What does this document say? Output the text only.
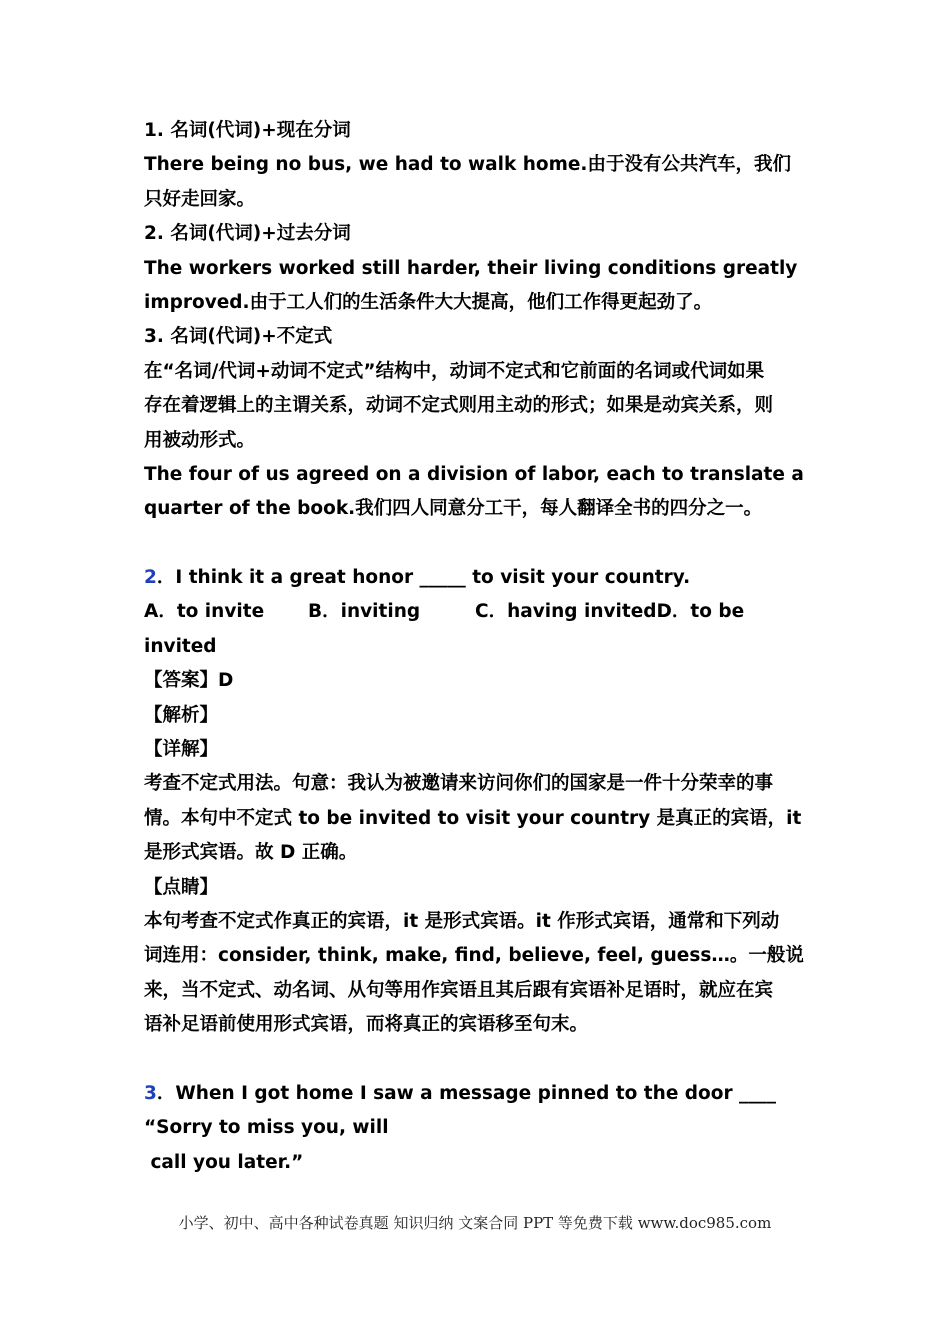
1. 名词(代词)+现在分词
There being no bus, we had to walk home.由于没有公共汽车，我们
只好走回家。
2. 名词(代词)+过去分词
The workers worked still harder, their living conditions greatly
improved.由于工人们的生活条件大大提高，他们工作得更起劲了。
3. 名词(代词)+不定式
在“名词/代词+动词不定式”结构中，动词不定式和它前面的名词或代词如果
存在着逻辑上的主谓关系，动词不定式则用主动的形式；如果是动宾关系，则
用被动形式。
The four of us agreed on a division of labor, each to translate a
quarter of the book.我们四人同意分工干，每人翻译全书的四分之一。
2．I think it a great honor _____ to visit your country.
A．to invite B．inviting	C．having invitedD．to be
invited
【答案】D
【解析】
【详解】
考查不定式用法。句意：我认为被邀请来访问你们的国家是一件十分荣幸的事
情。本句中不定式 to be invited to visit your country 是真正的宾语，it
是形式宾语。故 D 正确。
【点睛】
本句考查不定式作真正的宾语，it 是形式宾语。it 作形式宾语，通常和下列动
词连用：consider, think, make, find, believe, feel, guess…。一般说
来，当不定式、动名词、从句等用作宾语且其后跟有宾语补足语时，就应在宾
语补足语前使用形式宾语，而将真正的宾语移至句末。
3．When I got home I saw a message pinned to the door ____
“Sorry to miss you, will
call you later.”
小学、初中、高中各种试卷真题 知识归纳 文案合同 PPT 等免费下载 www.doc985.com
